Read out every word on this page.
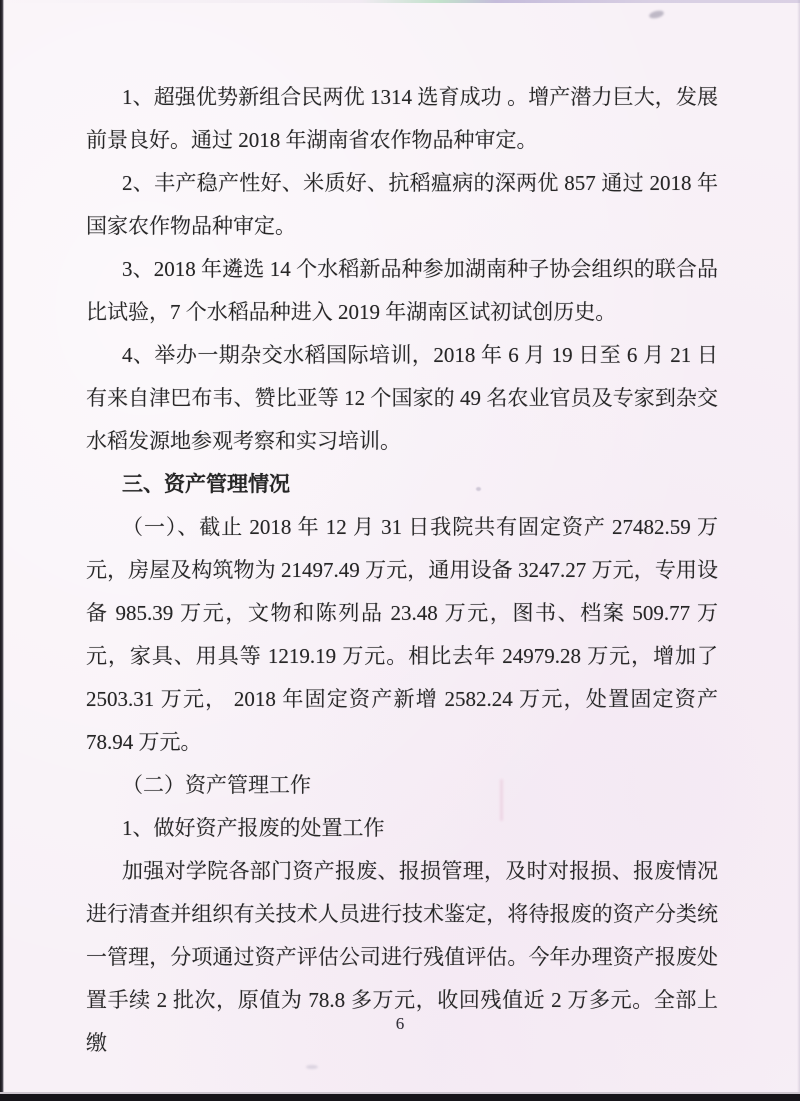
1、超强优势新组合民两优 1314 选育成功 。增产潜力巨大，发展前景良好。通过 2018 年湖南省农作物品种审定。

2、丰产稳产性好、米质好、抗稻瘟病的深两优 857 通过 2018 年国家农作物品种审定。

3、2018 年遴选 14 个水稻新品种参加湖南种子协会组织的联合品比试验，7 个水稻品种进入 2019 年湖南区试初试创历史。

4、举办一期杂交水稻国际培训，2018 年 6 月 19 日至 6 月 21 日有来自津巴布韦、赞比亚等 12 个国家的 49 名农业官员及专家到杂交水稻发源地参观考察和实习培训。

三、资产管理情况

（一）、截止 2018 年 12 月 31 日我院共有固定资产 27482.59 万元，房屋及构筑物为 21497.49 万元，通用设备 3247.27 万元，专用设备 985.39 万元，文物和陈列品 23.48 万元，图书、档案 509.77 万元，家具、用具等 1219.19 万元。相比去年 24979.28 万元，增加了 2503.31 万元， 2018 年固定资产新增 2582.24 万元，处置固定资产 78.94 万元。

（二）资产管理工作

1、做好资产报废的处置工作

加强对学院各部门资产报废、报损管理，及时对报损、报废情况进行清查并组织有关技术人员进行技术鉴定，将待报废的资产分类统一管理，分项通过资产评估公司进行残值评估。今年办理资产报废处置手续 2 批次，原值为 78.8 多万元，收回残值近 2 万多元。全部上缴

6
